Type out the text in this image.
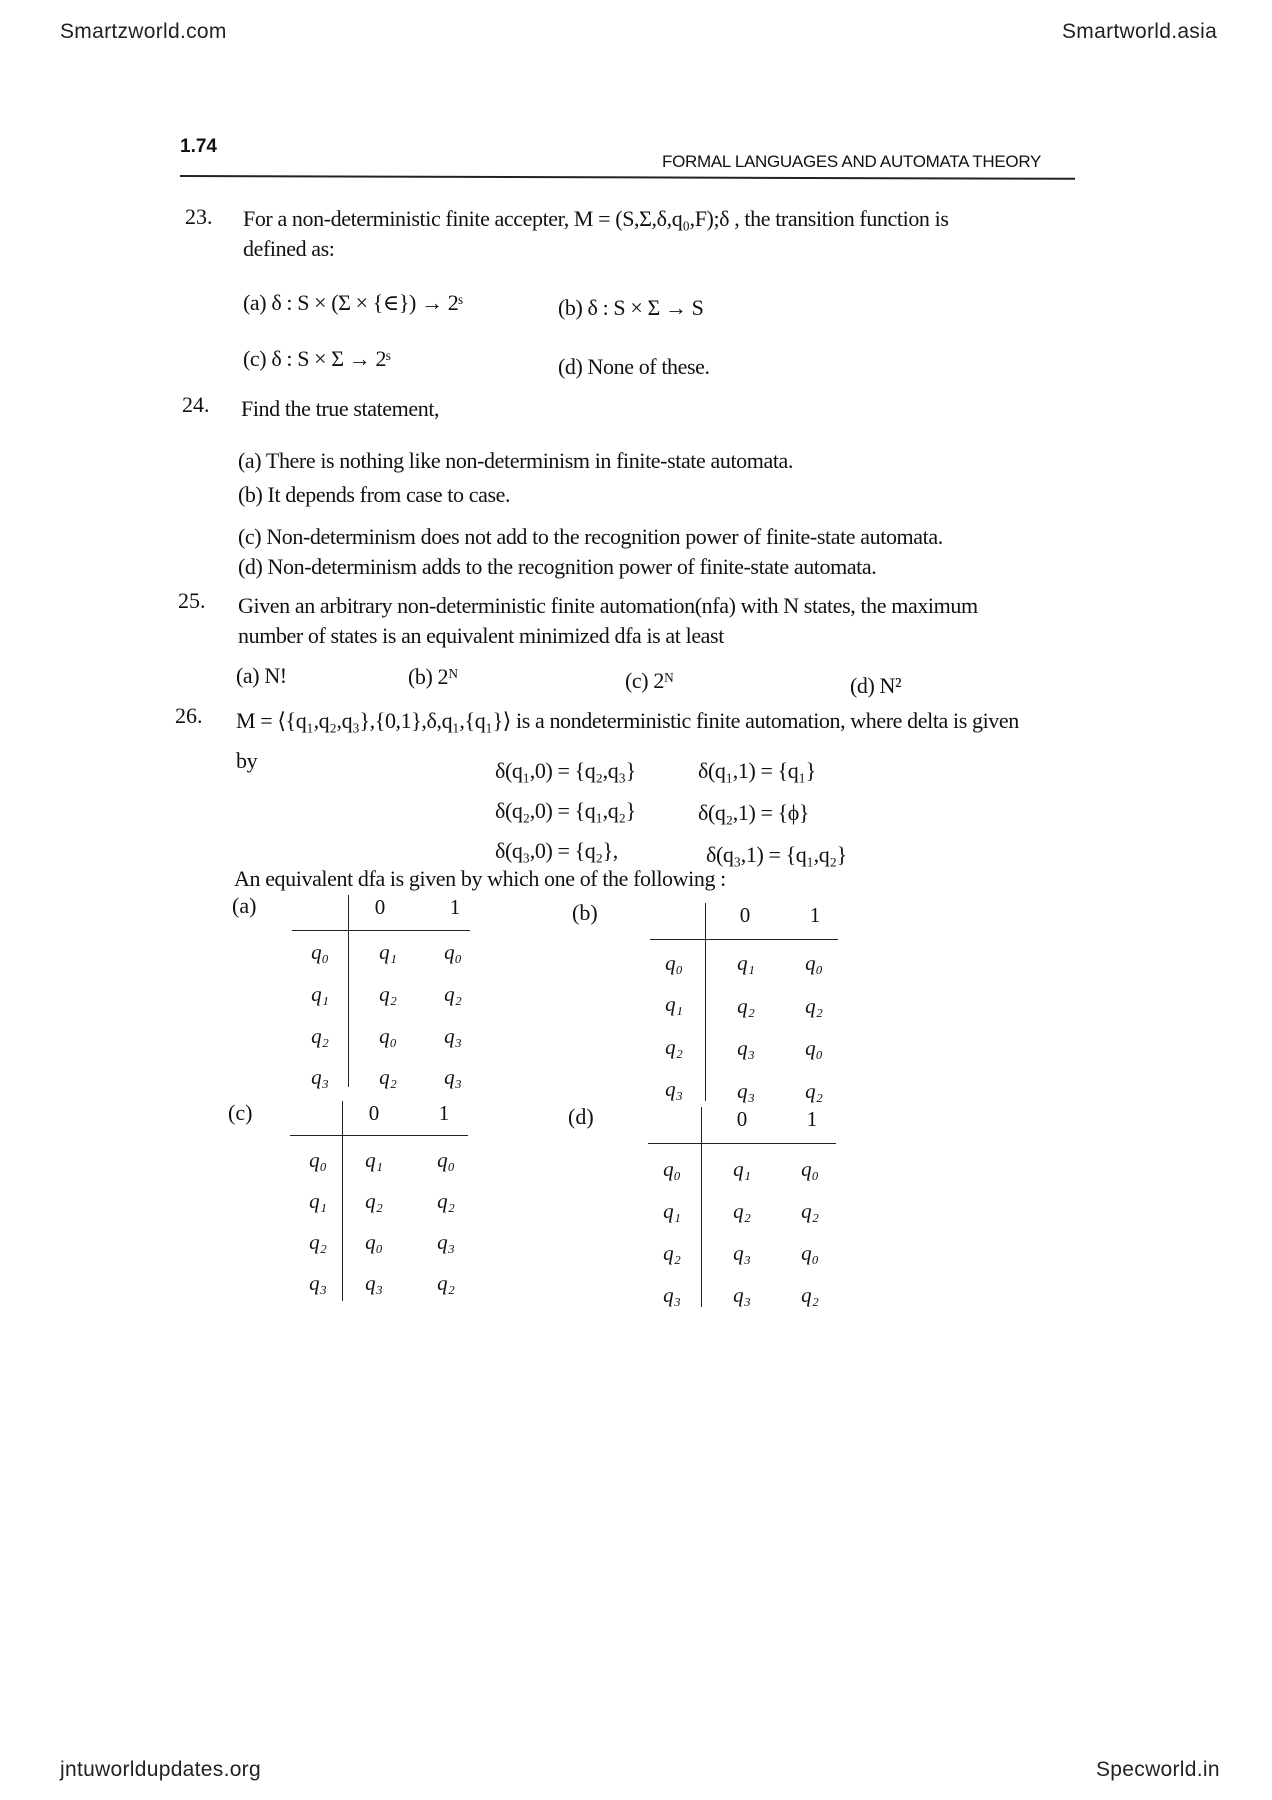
Smartzworld.com	Smartworld.asia
jntuworldupdates.org	Specworld.in
1.74
FORMAL LANGUAGES AND AUTOMATA THEORY
23. For a non-deterministic finite accepter, M = (S,Σ,δ,q₀,F);δ , the transition function is
defined as:
(a) δ : S × (Σ × {∈}) → 2ˢ	(b) δ : S × Σ → S
(c) δ : S × Σ → 2ˢ	(d) None of these.
24. Find the true statement,
(a) There is nothing like non-determinism in finite-state automata.
(b) It depends from case to case.
(c) Non-determinism does not add to the recognition power of finite-state automata.
(d) Non-determinism adds to the recognition power of finite-state automata.
25. Given an arbitrary non-deterministic finite automation(nfa) with N states, the maximum
number of states is an equivalent minimized dfa is at least
(a) N!	(b) 2ᴺ	(c) 2ᴺ	(d) N²
26. M = ⟨{q₁,q₂,q₃},{0,1},δ,q₁,{q₁}⟩ is a nondeterministic finite automation, where delta is given
by	δ(q₁,0) = {q₂,q₃}	δ(q₁,1) = {q₁}
δ(q₂,0) = {q₁,q₂}	δ(q₂,1) = {ϕ}
δ(q₃,0) = {q₂},	δ(q₃,1) = {q₁,q₂}
An equivalent dfa is given by which one of the following :
(a)	0	1
q₀	q₁	q₀
q₁	q₂	q₂
q₂	q₀	q₃
q₃	q₂	q₃
(b)	0	1
q₀	q₁	q₀
q₁	q₂	q₂
q₂	q₃	q₀
q₃	q₃	q₂
(c)	0	1
q₀	q₁	q₀
q₁	q₂	q₂
q₂	q₀	q₃
q₃	q₃	q₂
(d)	0	1
q₀	q₁	q₀
q₁	q₂	q₂
q₂	q₃	q₀
q₃	q₃	q₂
